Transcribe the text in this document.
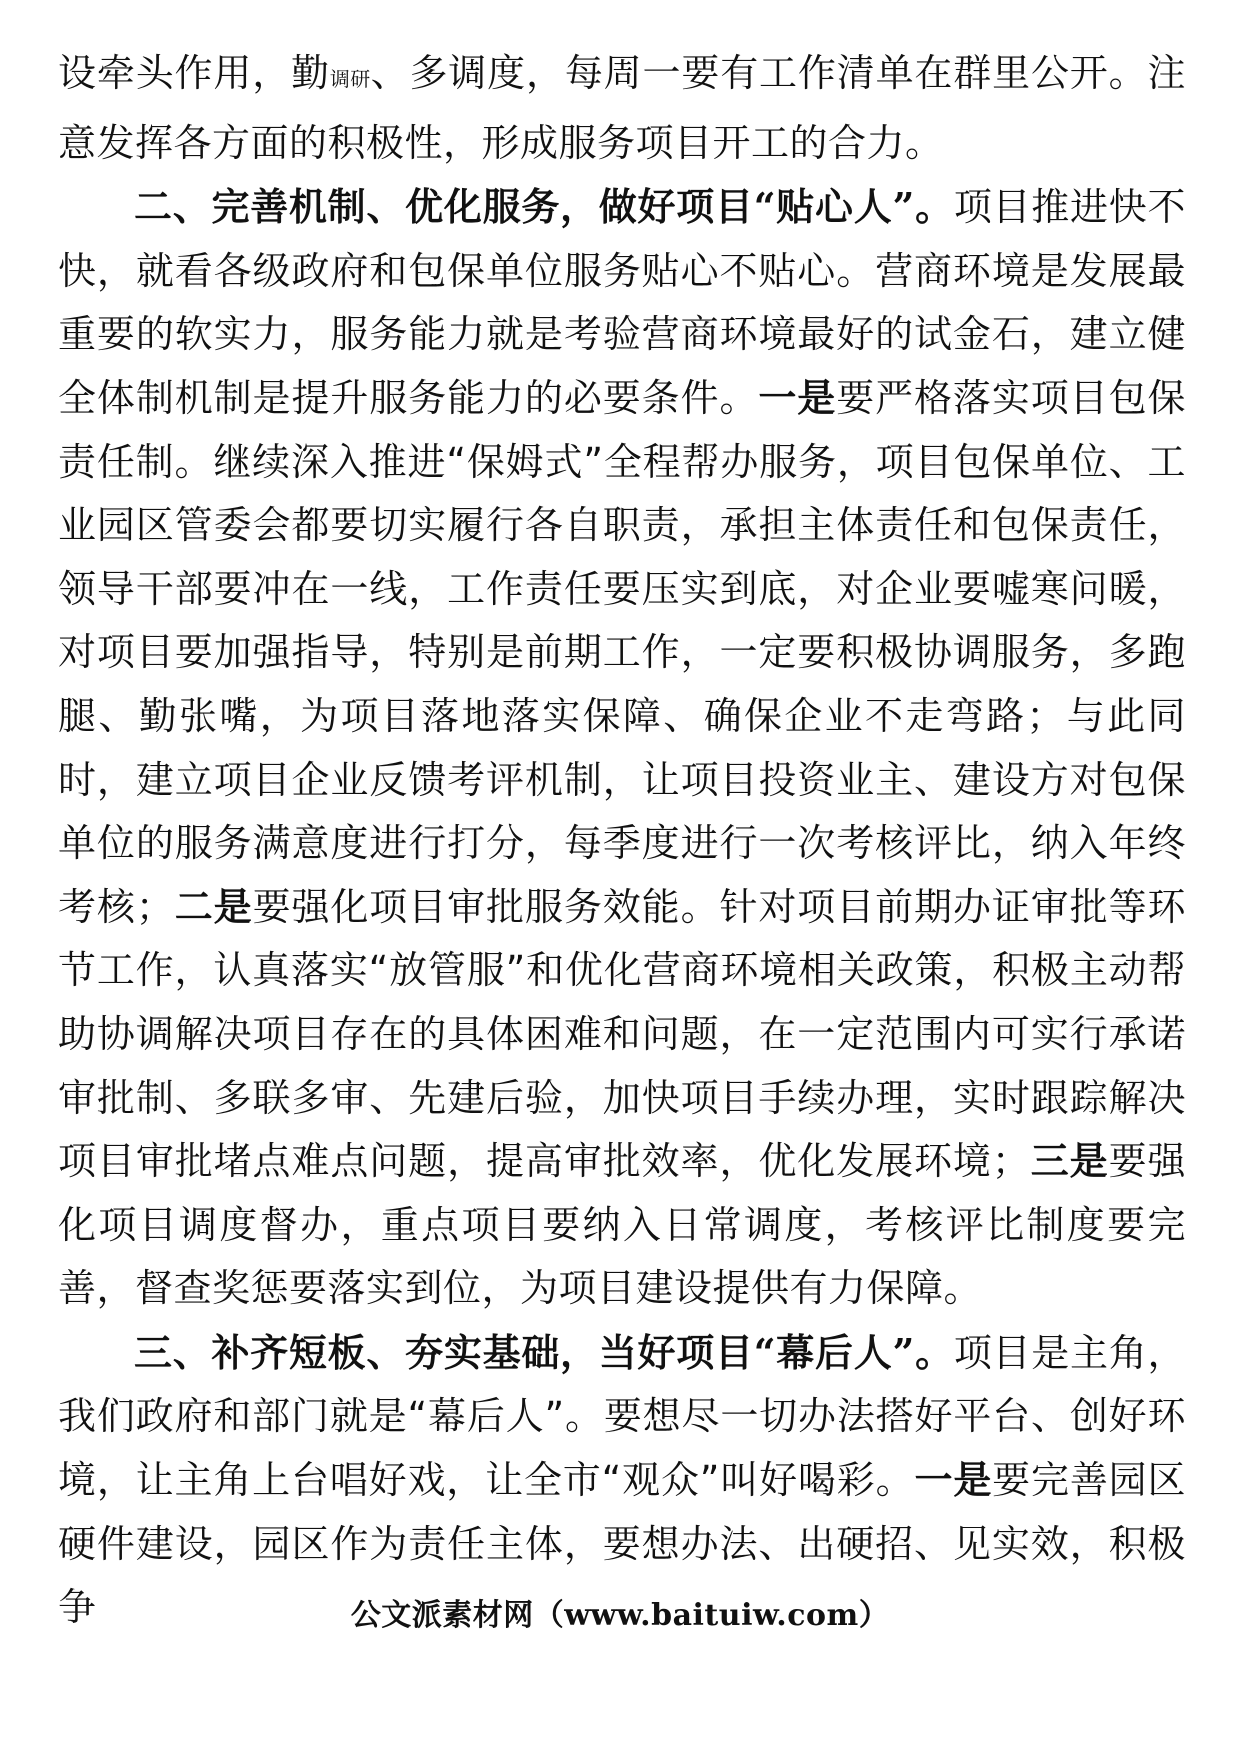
设牵头作用，勤调研、多调度，每周一要有工作清单在群里公开。注意发挥各方面的积极性，形成服务项目开工的合力。

二、完善机制、优化服务，做好项目“贴心人”。项目推进快不快，就看各级政府和包保单位服务贴心不贴心。营商环境是发展最重要的软实力，服务能力就是考验营商环境最好的试金石，建立健全体制机制是提升服务能力的必要条件。一是要严格落实项目包保责任制。继续深入推进“保姆式”全程帮办服务，项目包保单位、工业园区管委会都要切实履行各自职责，承担主体责任和包保责任，领导干部要冲在一线，工作责任要压实到底，对企业要嘘寒问暖，对项目要加强指导，特别是前期工作，一定要积极协调服务，多跑腿、勤张嘴，为项目落地落实保障、确保企业不走弯路；与此同时，建立项目企业反馈考评机制，让项目投资业主、建设方对包保单位的服务满意度进行打分，每季度进行一次考核评比，纳入年终考核；二是要强化项目审批服务效能。针对项目前期办证审批等环节工作，认真落实“放管服”和优化营商环境相关政策，积极主动帮助协调解决项目存在的具体困难和问题，在一定范围内可实行承诺审批制、多联多审、先建后验，加快项目手续办理，实时跟踪解决项目审批堵点难点问题，提高审批效率，优化发展环境；三是要强化项目调度督办，重点项目要纳入日常调度，考核评比制度要完善，督查奖惩要落实到位，为项目建设提供有力保障。

三、补齐短板、夯实基础，当好项目“幕后人”。项目是主角，我们政府和部门就是“幕后人”。要想尽一切办法搭好平台、创好环境，让主角上台唱好戏，让全市“观众”叫好喝彩。一是要完善园区硬件建设，园区作为责任主体，要想办法、出硬招、见实效，积极争	公文派素材网（www.baituiw.com）
